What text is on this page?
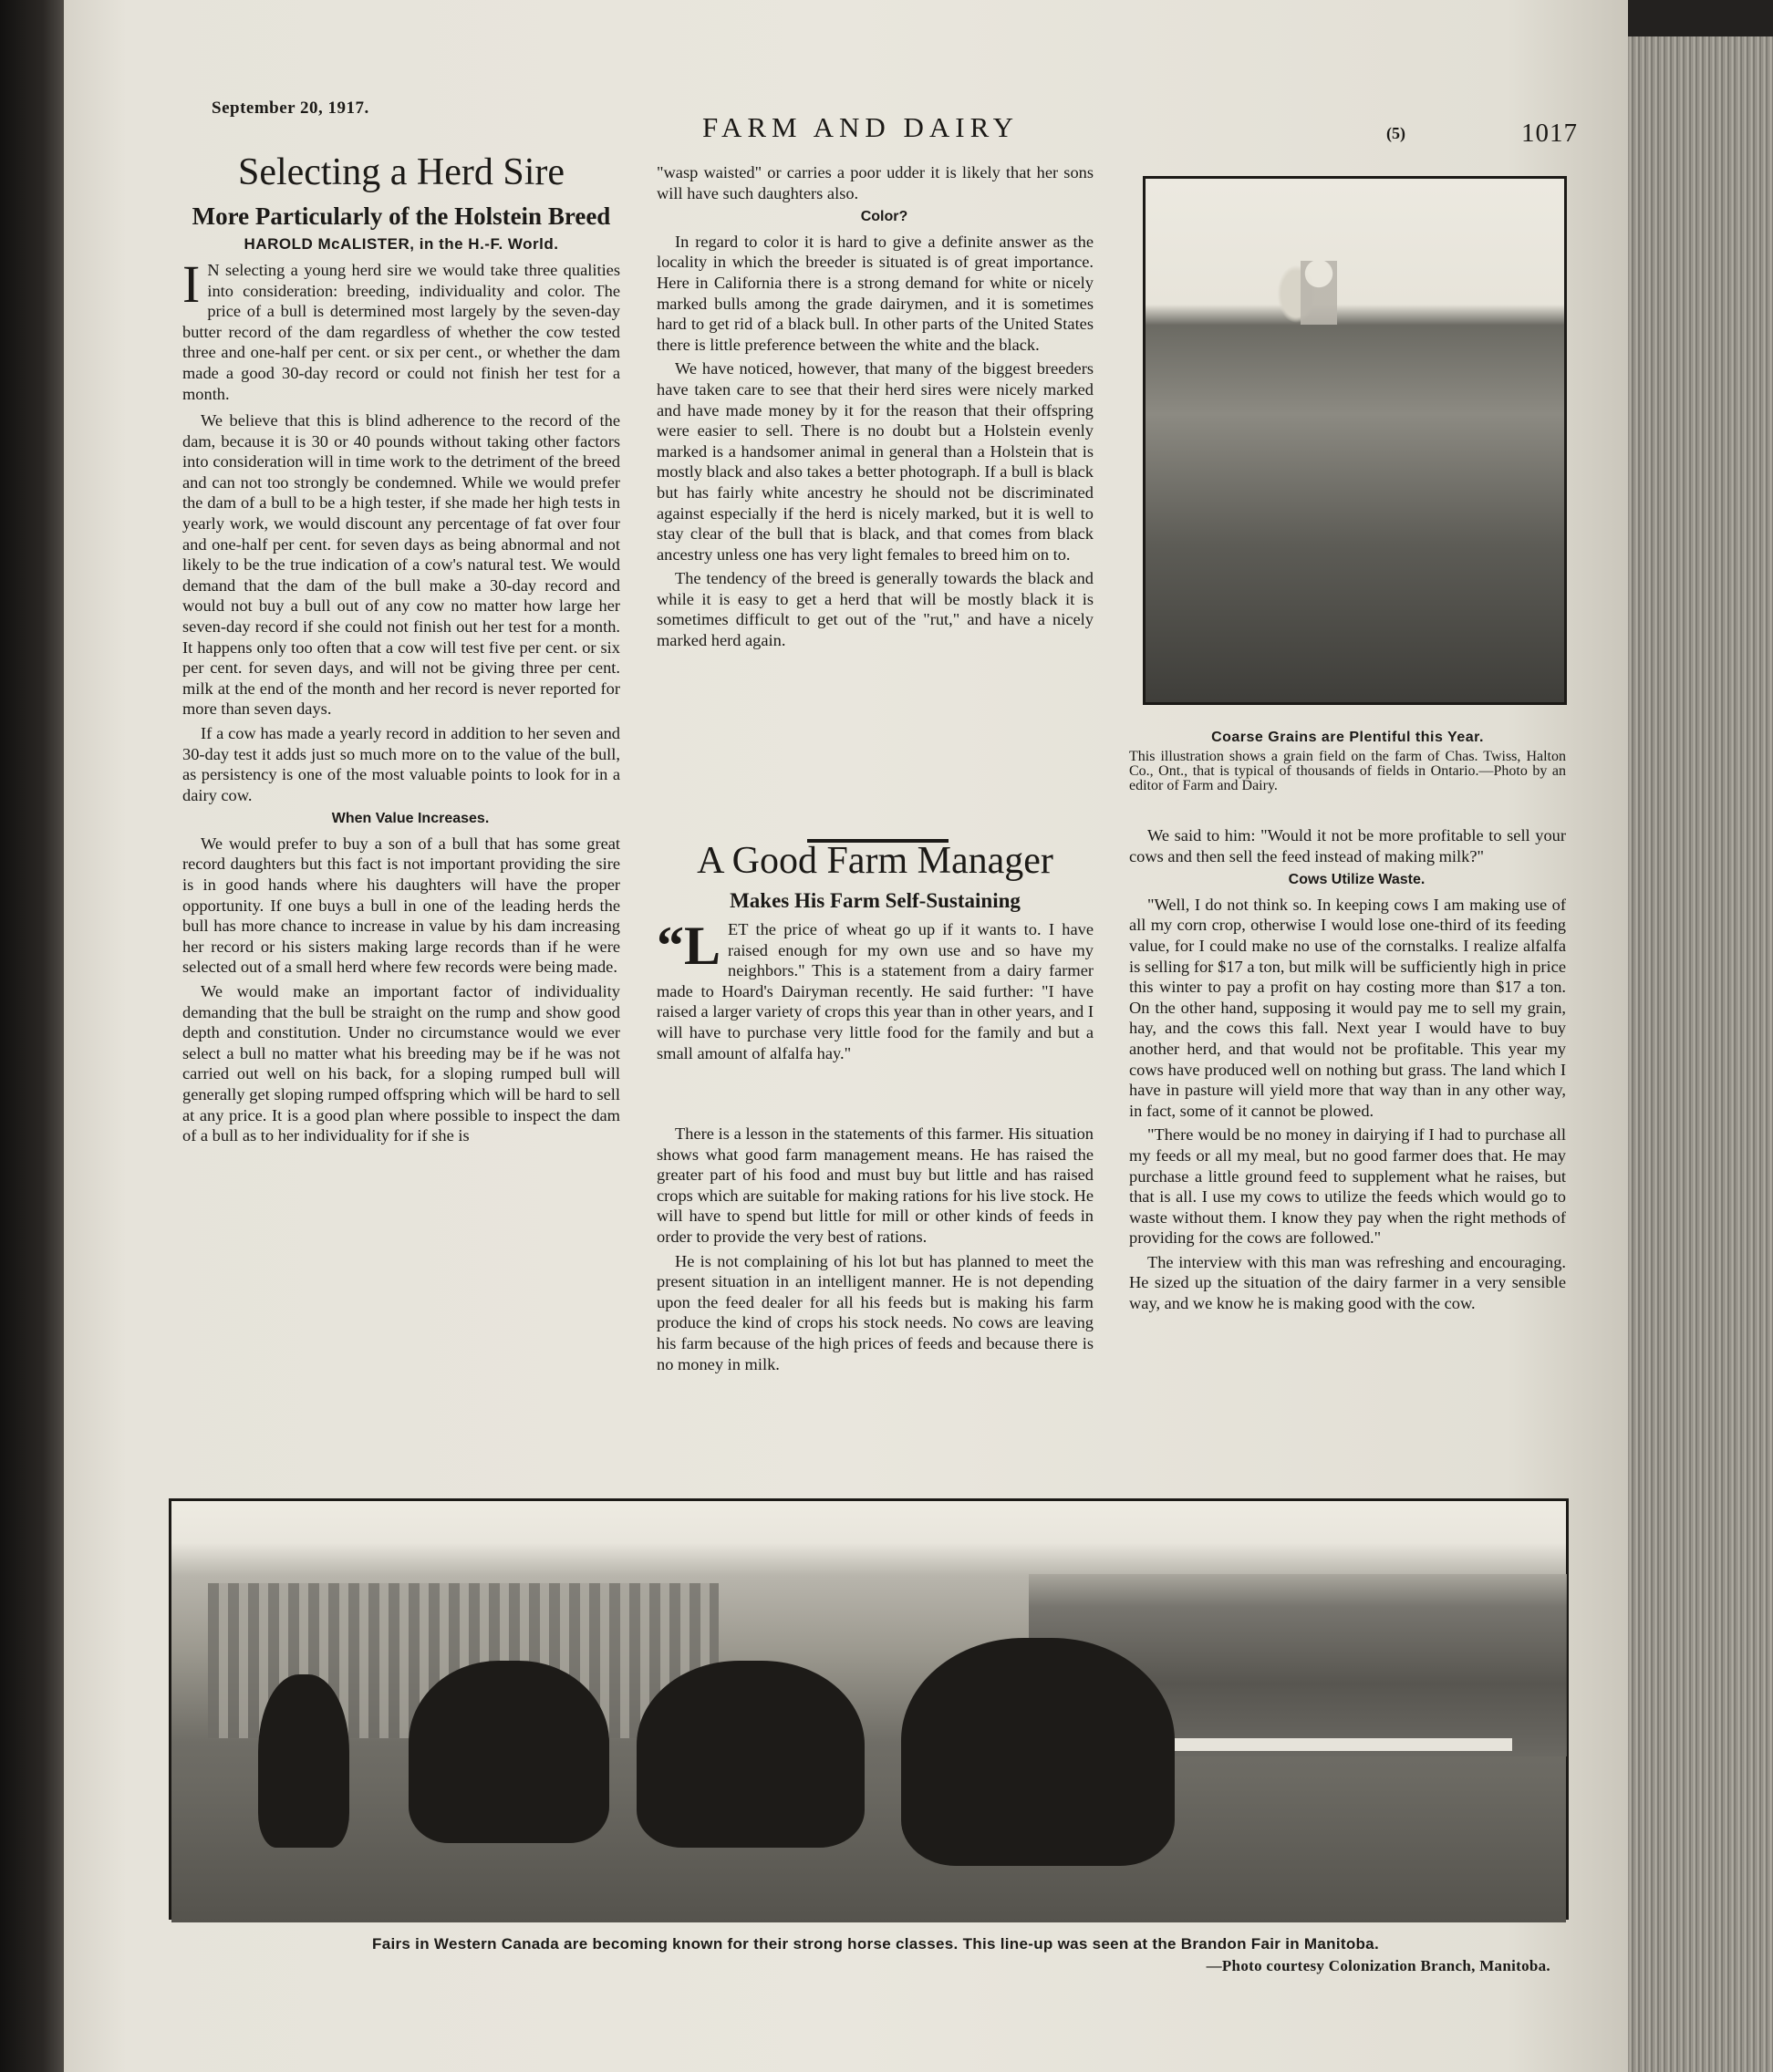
September 20, 1917.
FARM AND DAIRY	(5)	1017
Selecting a Herd Sire
More Particularly of the Holstein Breed
HAROLD McALISTER, in the H.-F. World.
I N selecting a young herd sire we would take three qualities into consideration: breeding, individuality and color. The price of a bull is determined most largely by the seven-day butter record of the dam regardless of whether the cow tested three and one-half per cent. or six per cent., or whether the dam made a good 30-day record or could not finish her test for a month.

We believe that this is blind adherence to the record of the dam, because it is 30 or 40 pounds without taking other factors into consideration will in time work to the detriment of the breed and can not too strongly be condemned. While we would prefer the dam of a bull to be a high tester, if she made her high tests in yearly work, we would discount any percentage of fat over four and one-half per cent. for seven days as being abnormal and not likely to be the true indication of a cow's natural test. We would demand that the dam of the bull make a 30-day record and would not buy a bull out of any cow no matter how large her seven-day record if she could not finish out her test for a month. It happens only too often that a cow will test five per cent. or six per cent. for seven days, and will not be giving three per cent. milk at the end of the month and her record is never reported for more than seven days.

If a cow has made a yearly record in addition to her seven and 30-day test it adds just so much more on to the value of the bull, as persistency is one of the most valuable points to look for in a dairy cow.

When Value Increases.

We would prefer to buy a son of a bull that has some great record daughters but this fact is not important providing the sire is in good hands where his daughters will have the proper opportunity. If one buys a bull in one of the leading herds the bull has more chance to increase in value by his dam increasing her record or his sisters making large records than if he were selected out of a small herd where few records were being made.

We would make an important factor of individuality demanding that the bull be straight on the rump and show good depth and constitution. Under no circumstance would we ever select a bull no matter what his breeding may be if he was not carried out well on his back, for a sloping rumped bull will generally get sloping rumped offspring which will be hard to sell at any price. It is a good plan where possible to inspect the dam of a bull as to her individuality for if she is

"wasp waisted" or carries a poor udder it is likely that her sons will have such daughters also.

Color?

In regard to color it is hard to give a definite answer as the locality in which the breeder is situated is of great importance. Here in California there is a strong demand for white or nicely marked bulls among the grade dairymen, and it is sometimes hard to get rid of a black bull. In other parts of the United States there is little preference between the white and the black.

We have noticed, however, that many of the biggest breeders have taken care to see that their herd sires were nicely marked and have made money by it for the reason that their offspring were easier to sell. There is no doubt but a Holstein evenly marked is a handsomer animal in general than a Holstein that is mostly black and also takes a better photograph. If a bull is black but has fairly white ancestry he should not be discriminated against especially if the herd is nicely marked, but it is well to stay clear of the bull that is black, and that comes from black ancestry unless one has very light females to breed him on to.

The tendency of the breed is generally towards the black and while it is easy to get a herd that will be mostly black it is sometimes difficult to get out of the "rut," and have a nicely marked herd again.

A Good Farm Manager
Makes His Farm Self-Sustaining
“LET the price of wheat go up if it wants to. I have raised enough for my own use and so have my neighbors." This is a statement from a dairy farmer made to Hoard's Dairyman recently. He said further: "I have raised a larger variety of crops this year than in other years, and I will have to purchase very little food for the family and but a small amount of alfalfa hay."

There is a lesson in the statements of this farmer. His situation shows what good farm management means. He has raised the greater part of his food and must buy but little and has raised crops which are suitable for making rations for his live stock. He will have to spend but little for mill or other kinds of feeds in order to provide the very best of rations.

He is not complaining of his lot but has planned to meet the present situation in an intelligent manner. He is not depending upon the feed dealer for all his feeds but is making his farm produce the kind of crops his stock needs. No cows are leaving his farm because of the high prices of feeds and because there is no money in milk.

Coarse Grains are Plentiful this Year.
This illustration shows a grain field on the farm of Chas. Twiss, Halton Co., Ont., that is typical of thousands of fields in Ontario.—Photo by an editor of Farm and Dairy.

We said to him: "Would it not be more profitable to sell your cows and then sell the feed instead of making milk?"

Cows Utilize Waste.

"Well, I do not think so. In keeping cows I am making use of all my corn crop, otherwise I would lose one-third of its feeding value, for I could make no use of the cornstalks. I realize alfalfa is selling for $17 a ton, but milk will be sufficiently high in price this winter to pay a profit on hay costing more than $17 a ton. On the other hand, supposing it would pay me to sell my grain, hay, and the cows this fall. Next year I would have to buy another herd, and that would not be profitable. This year my cows have produced well on nothing but grass. The land which I have in pasture will yield more that way than in any other way, in fact, some of it cannot be plowed.

"There would be no money in dairying if I had to purchase all my feeds or all my meal, but no good farmer does that. He may purchase a little ground feed to supplement what he raises, but that is all. I use my cows to utilize the feeds which would go to waste without them. I know they pay when the right methods of providing for the cows are followed."

The interview with this man was refreshing and encouraging. He sized up the situation of the dairy farmer in a very sensible way, and we know he is making good with the cow.

Fairs in Western Canada are becoming known for their strong horse classes. This line-up was seen at the Brandon Fair in Manitoba.
—Photo courtesy Colonization Branch, Manitoba.
